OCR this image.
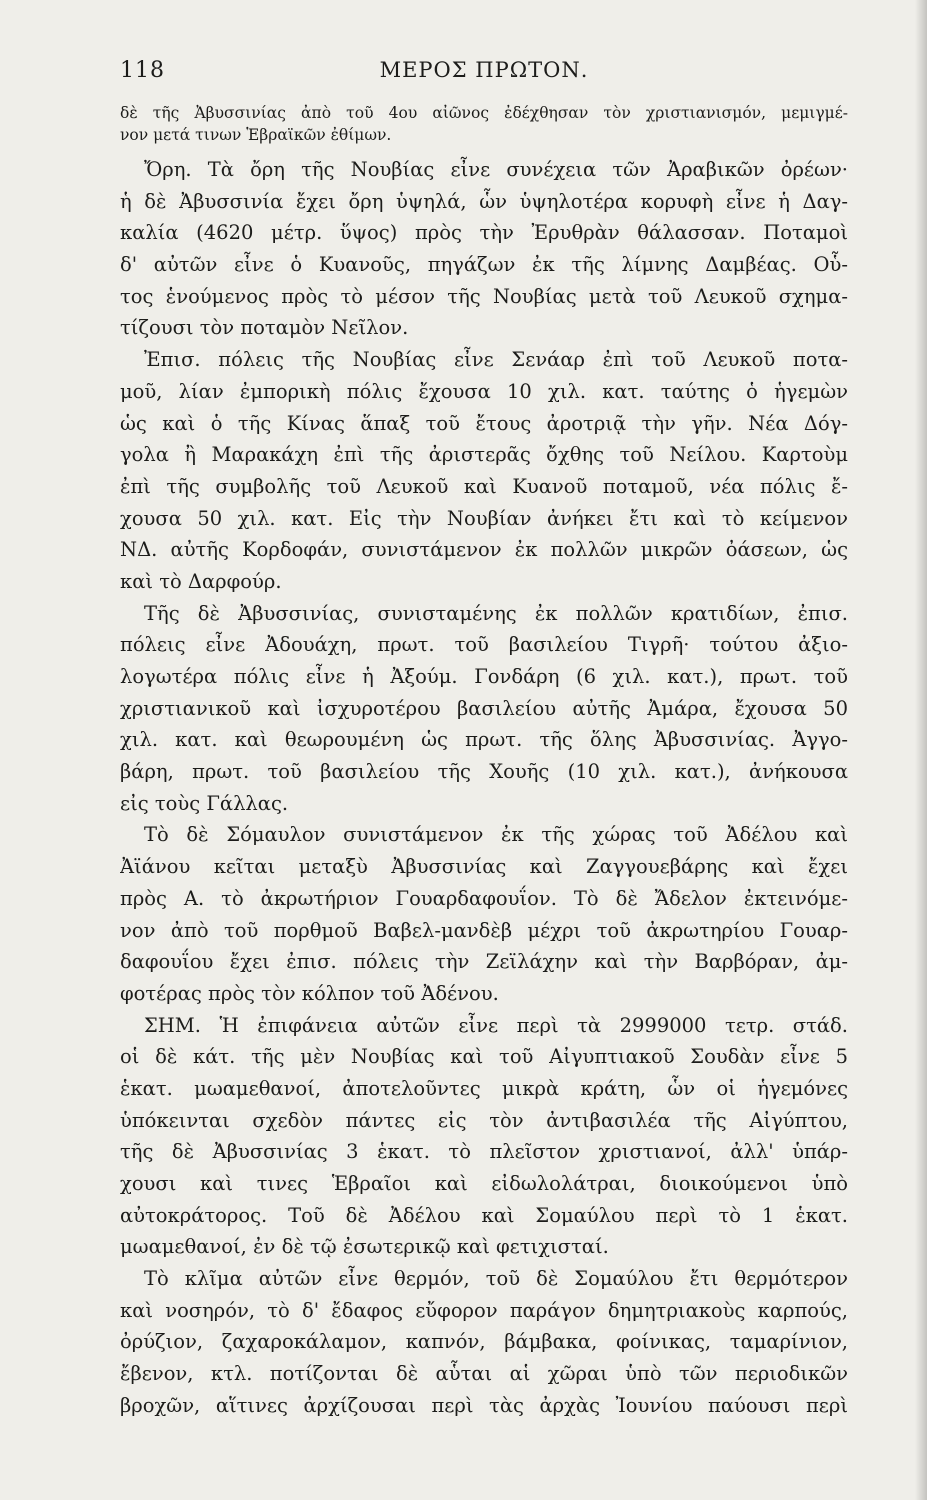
118	ΜΕΡΟΣ ΠΡΩΤΟΝ.
δὲ τῆς Ἀβυσσινίας ἀπὸ τοῦ 4ου αἰῶνος ἐδέχθησαν τὸν χριστιανισμόν, μεμιγμέ-
νον μετά τινων Ἑβραϊκῶν ἐθίμων.
Ὄρη. Τὰ ὄρη τῆς Νουβίας εἶνε συνέχεια τῶν Ἀραβικῶν ὀρέων·
ἡ δὲ Ἀβυσσινία ἔχει ὄρη ὑψηλά, ὧν ὑψηλοτέρα κορυφὴ εἶνε ἡ Δαγ-
καλία (4620 μέτρ. ὕψος) πρὸς τὴν Ἐρυθρὰν θάλασσαν. Ποταμοὶ
δ' αὐτῶν εἶνε ὁ Κυανοῦς, πηγάζων ἐκ τῆς λίμνης Δαμβέας. Οὗ-
τος ἑνούμενος πρὸς τὸ μέσον τῆς Νουβίας μετὰ τοῦ Λευκοῦ σχημα-
τίζουσι τὸν ποταμὸν Νεῖλον.
Ἐπισ. πόλεις τῆς Νουβίας εἶνε Σενάαρ ἐπὶ τοῦ Λευκοῦ ποτα-
μοῦ, λίαν ἐμπορικὴ πόλις ἔχουσα 10 χιλ. κατ. ταύτης ὁ ἡγεμὼν
ὡς καὶ ὁ τῆς Κίνας ἅπαξ τοῦ ἔτους ἀροτριᾷ τὴν γῆν. Νέα Δόγ-
γολα ἢ Μαρακάχη ἐπὶ τῆς ἀριστερᾶς ὄχθης τοῦ Νείλου. Καρτοὺμ
ἐπὶ τῆς συμβολῆς τοῦ Λευκοῦ καὶ Κυανοῦ ποταμοῦ, νέα πόλις ἔ-
χουσα 50 χιλ. κατ. Εἰς τὴν Νουβίαν ἀνήκει ἔτι καὶ τὸ κείμενον
ΝΔ. αὐτῆς Κορδοφάν, συνιστάμενον ἐκ πολλῶν μικρῶν ὀάσεων, ὡς
καὶ τὸ Δαρφούρ.
Τῆς δὲ Ἀβυσσινίας, συνισταμένης ἐκ πολλῶν κρατιδίων, ἐπισ.
πόλεις εἶνε Ἀδουάχη, πρωτ. τοῦ βασιλείου Τιγρῆ· τούτου ἀξιο-
λογωτέρα πόλις εἶνε ἡ Ἀξούμ. Γονδάρη (6 χιλ. κατ.), πρωτ. τοῦ
χριστιανικοῦ καὶ ἰσχυροτέρου βασιλείου αὐτῆς Ἀμάρα, ἔχουσα 50
χιλ. κατ. καὶ θεωρουμένη ὡς πρωτ. τῆς ὅλης Ἀβυσσινίας. Ἀγγο-
βάρη, πρωτ. τοῦ βασιλείου τῆς Χουῆς (10 χιλ. κατ.), ἀνήκουσα
εἰς τοὺς Γάλλας.
Τὸ δὲ Σόμαυλον συνιστάμενον ἐκ τῆς χώρας τοῦ Ἀδέλου καὶ
Ἀϊάνου κεῖται μεταξὺ Ἀβυσσινίας καὶ Ζαγγουεβάρης καὶ ἔχει
πρὸς Α. τὸ ἀκρωτήριον Γουαρδαφουΐον. Τὸ δὲ Ἄδελον ἐκτεινόμε-
νον ἀπὸ τοῦ πορθμοῦ Βαβελ-μανδὲβ μέχρι τοῦ ἀκρωτηρίου Γουαρ-
δαφουΐου ἔχει ἐπισ. πόλεις τὴν Ζεϊλάχην καὶ τὴν Βαρβόραν, ἀμ-
φοτέρας πρὸς τὸν κόλπον τοῦ Ἀδένου.
ΣΗΜ. Ἡ ἐπιφάνεια αὐτῶν εἶνε περὶ τὰ 2999000 τετρ. στάδ.
οἱ δὲ κάτ. τῆς μὲν Νουβίας καὶ τοῦ Αἰγυπτιακοῦ Σουδὰν εἶνε 5
ἑκατ. μωαμεθανοί, ἀποτελοῦντες μικρὰ κράτη, ὧν οἱ ἡγεμόνες
ὑπόκεινται σχεδὸν πάντες εἰς τὸν ἀντιβασιλέα τῆς Αἰγύπτου,
τῆς δὲ Ἀβυσσινίας 3 ἑκατ. τὸ πλεῖστον χριστιανοί, ἀλλ' ὑπάρ-
χουσι καὶ τινες Ἑβραῖοι καὶ εἰδωλολάτραι, διοικούμενοι ὑπὸ
αὐτοκράτορος. Τοῦ δὲ Ἀδέλου καὶ Σομαύλου περὶ τὸ 1 ἑκατ.
μωαμεθανοί, ἐν δὲ τῷ ἐσωτερικῷ καὶ φετιχισταί.
Τὸ κλῖμα αὐτῶν εἶνε θερμόν, τοῦ δὲ Σομαύλου ἔτι θερμότερον
καὶ νοσηρόν, τὸ δ' ἔδαφος εὔφορον παράγον δημητριακοὺς καρπούς,
ὀρύζιον, ζαχαροκάλαμον, καπνόν, βάμβακα, φοίνικας, ταμαρίνιον,
ἔβενον, κτλ. ποτίζονται δὲ αὗται αἱ χῶραι ὑπὸ τῶν περιοδικῶν
βροχῶν, αἵτινες ἀρχίζουσαι περὶ τὰς ἀρχὰς Ἰουνίου παύουσι περὶ
